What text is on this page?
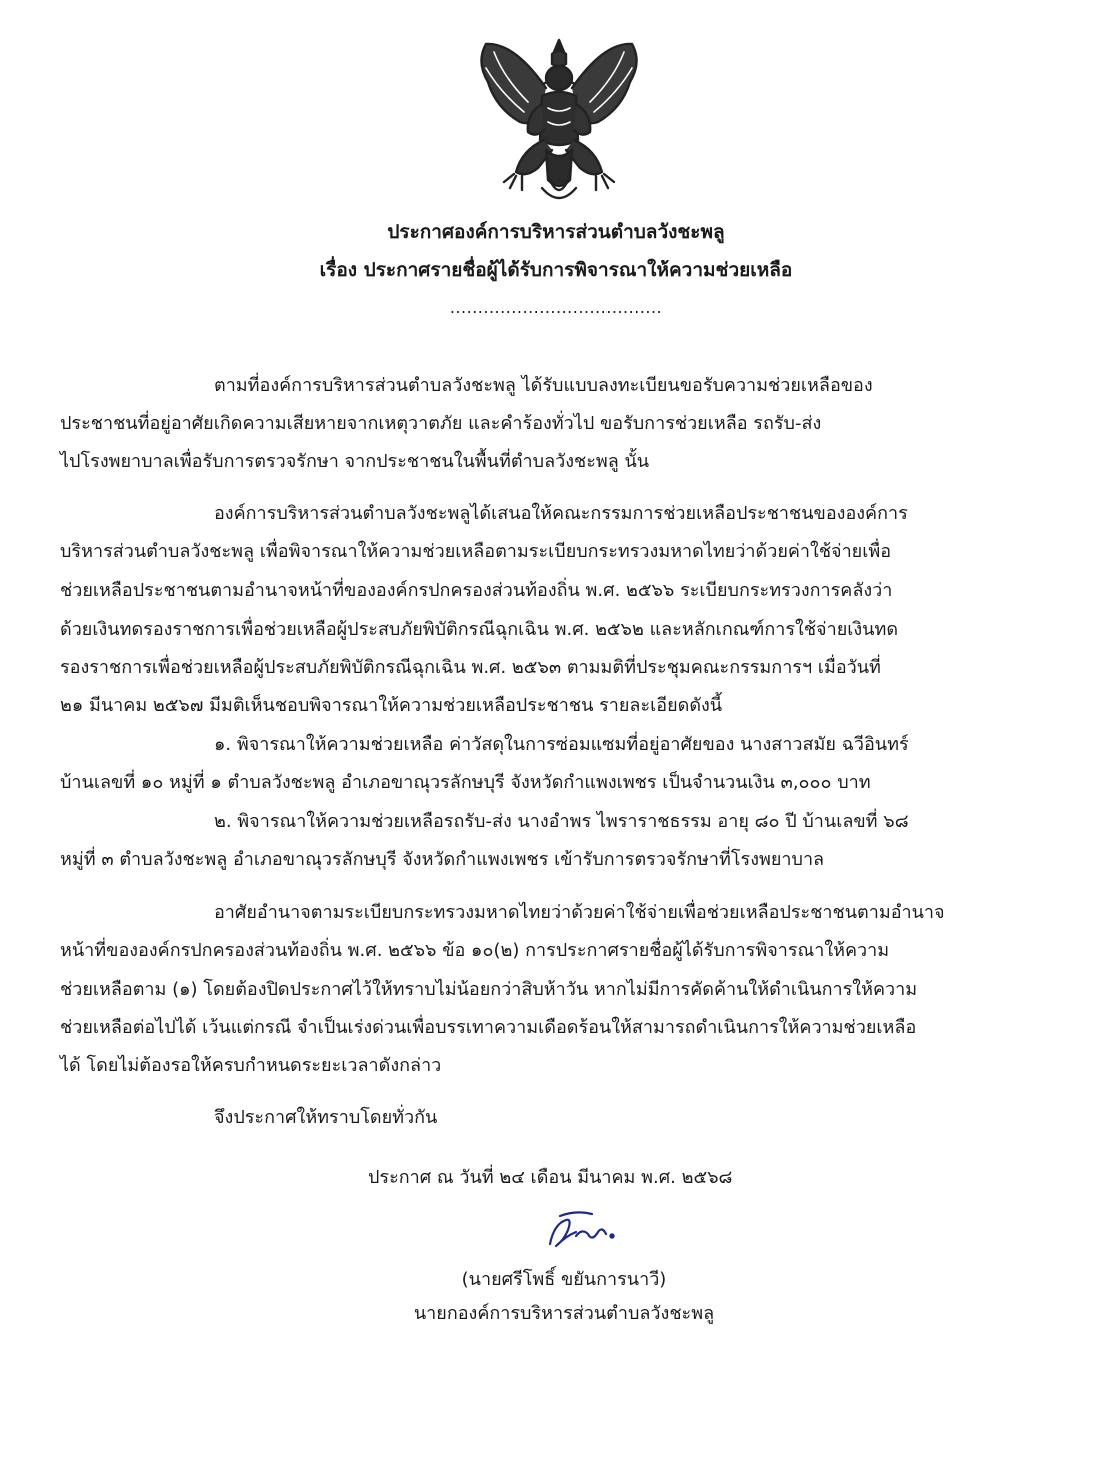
ประกาศองค์การบริหารส่วนตำบลวังชะพลู
เรื่อง ประกาศรายชื่อผู้ได้รับการพิจารณาให้ความช่วยเหลือ
......................................
ตามที่องค์การบริหารส่วนตำบลวังชะพลู ได้รับแบบลงทะเบียนขอรับความช่วยเหลือของ
ประชาชนที่อยู่อาศัยเกิดความเสียหายจากเหตุวาตภัย และคำร้องทั่วไป ขอรับการช่วยเหลือ รถรับ-ส่ง
ไปโรงพยาบาลเพื่อรับการตรวจรักษา จากประชาชนในพื้นที่ตำบลวังชะพลู นั้น
องค์การบริหารส่วนตำบลวังชะพลูได้เสนอให้คณะกรรมการช่วยเหลือประชาชนขององค์การ
บริหารส่วนตำบลวังชะพลู เพื่อพิจารณาให้ความช่วยเหลือตามระเบียบกระทรวงมหาดไทยว่าด้วยค่าใช้จ่ายเพื่อ
ช่วยเหลือประชาชนตามอำนาจหน้าที่ขององค์กรปกครองส่วนท้องถิ่น พ.ศ. ๒๕๖๖ ระเบียบกระทรวงการคลังว่า
ด้วยเงินทดรองราชการเพื่อช่วยเหลือผู้ประสบภัยพิบัติกรณีฉุกเฉิน พ.ศ. ๒๕๖๒ และหลักเกณฑ์การใช้จ่ายเงินทด
รองราชการเพื่อช่วยเหลือผู้ประสบภัยพิบัติกรณีฉุกเฉิน พ.ศ. ๒๕๖๓ ตามมติที่ประชุมคณะกรรมการฯ เมื่อวันที่
๒๑ มีนาคม ๒๕๖๗ มีมติเห็นชอบพิจารณาให้ความช่วยเหลือประชาชน รายละเอียดดังนี้
๑. พิจารณาให้ความช่วยเหลือ ค่าวัสดุในการซ่อมแซมที่อยู่อาศัยของ นางสาวสมัย ฉวีอินทร์
บ้านเลขที่ ๑๐ หมู่ที่ ๑ ตำบลวังชะพลู อำเภอขาณุวรลักษบุรี จังหวัดกำแพงเพชร เป็นจำนวนเงิน ๓,๐๐๐ บาท
๒. พิจารณาให้ความช่วยเหลือรถรับ-ส่ง นางอำพร ไพราราชธรรม อายุ ๘๐ ปี บ้านเลขที่ ๖๘
หมู่ที่ ๓ ตำบลวังชะพลู อำเภอขาณุวรลักษบุรี จังหวัดกำแพงเพชร เข้ารับการตรวจรักษาที่โรงพยาบาล
อาศัยอำนาจตามระเบียบกระทรวงมหาดไทยว่าด้วยค่าใช้จ่ายเพื่อช่วยเหลือประชาชนตามอำนาจ
หน้าที่ขององค์กรปกครองส่วนท้องถิ่น พ.ศ. ๒๕๖๖ ข้อ ๑๐(๒) การประกาศรายชื่อผู้ได้รับการพิจารณาให้ความ
ช่วยเหลือตาม (๑) โดยต้องปิดประกาศไว้ให้ทราบไม่น้อยกว่าสิบห้าวัน หากไม่มีการคัดค้านให้ดำเนินการให้ความ
ช่วยเหลือต่อไปได้ เว้นแต่กรณี จำเป็นเร่งด่วนเพื่อบรรเทาความเดือดร้อนให้สามารถดำเนินการให้ความช่วยเหลือ
ได้ โดยไม่ต้องรอให้ครบกำหนดระยะเวลาดังกล่าว
จึงประกาศให้ทราบโดยทั่วกัน
ประกาศ ณ วันที่ ๒๔ เดือน มีนาคม พ.ศ. ๒๕๖๘
(นายศรีโพธิ์ ขยันการนาวี)
นายกองค์การบริหารส่วนตำบลวังชะพลู
